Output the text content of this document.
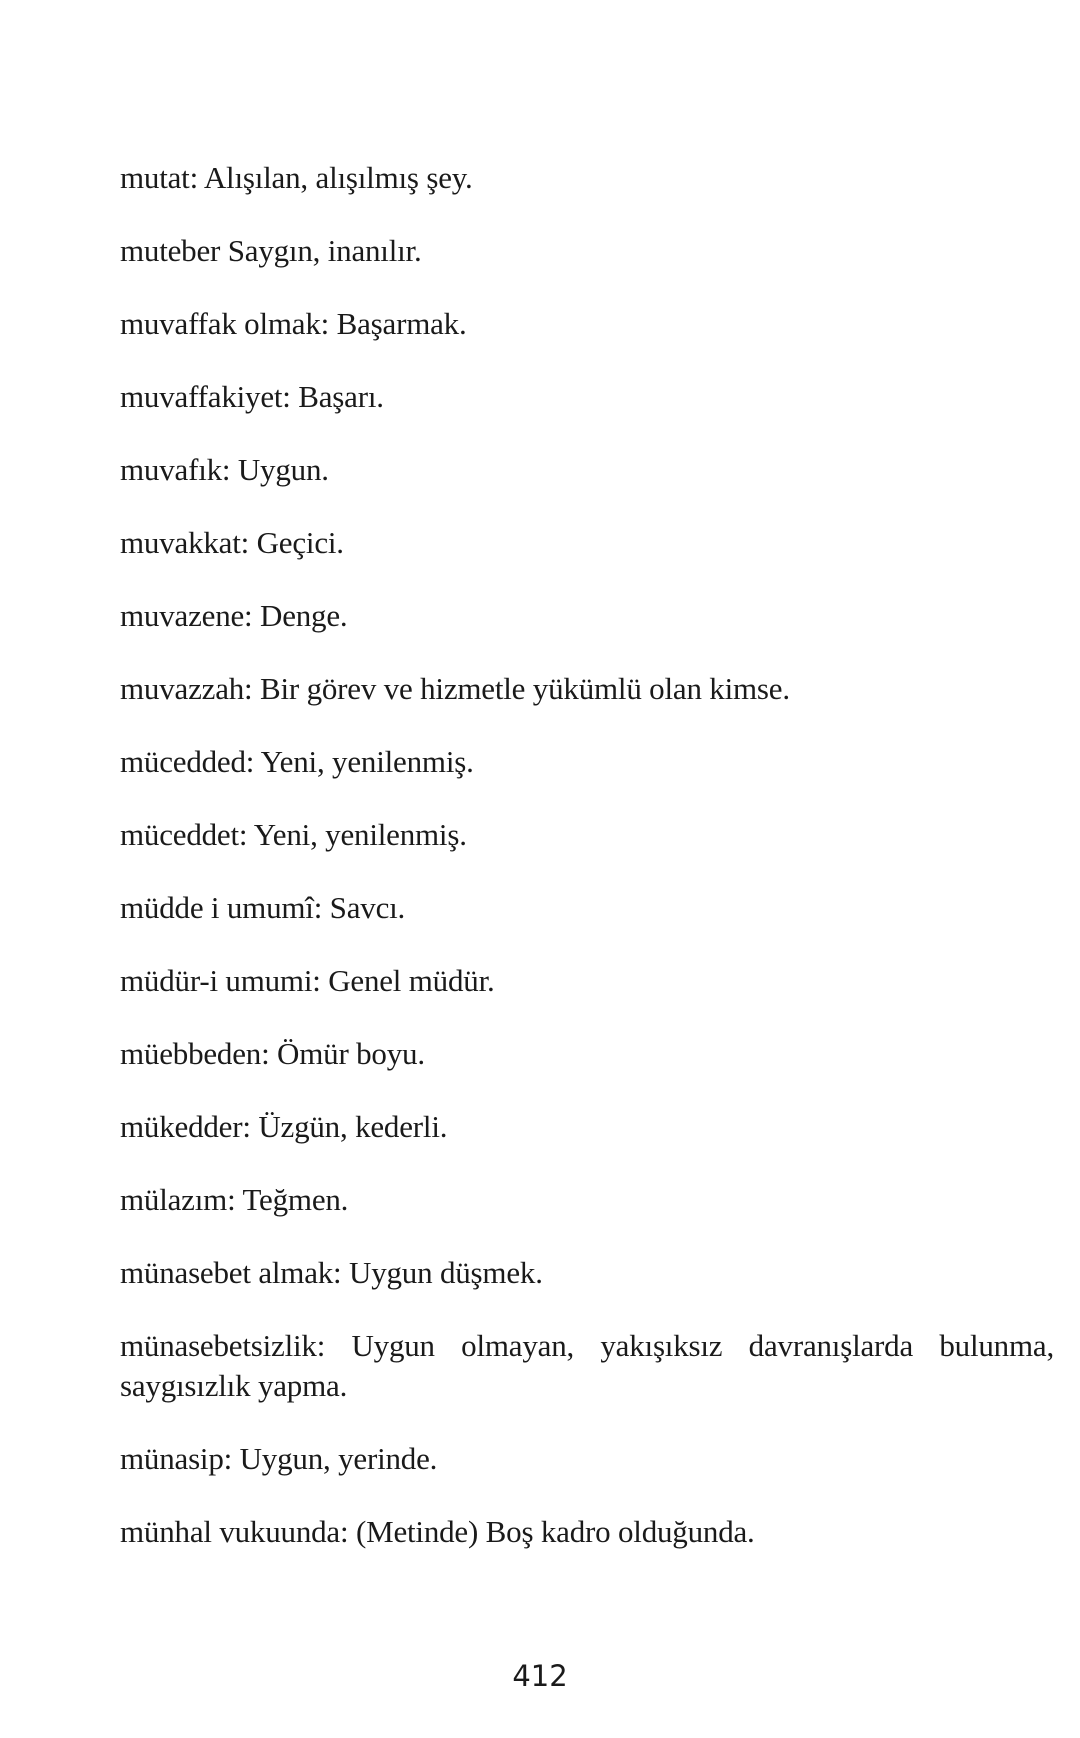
mutat: Alışılan, alışılmış şey.
muteber Saygın, inanılır.
muvaffak olmak: Başarmak.
muvaffakiyet: Başarı.
muvafık: Uygun.
muvakkat: Geçici.
muvazene: Denge.
muvazzah: Bir görev ve hizmetle yükümlü olan kimse.
mücedded: Yeni, yenilenmiş.
müceddet: Yeni, yenilenmiş.
müdde i umumî: Savcı.
müdür-i umumi: Genel müdür.
müebbeden: Ömür boyu.
mükedder: Üzgün, kederli.
mülazım: Teğmen.
münasebet almak: Uygun düşmek.
münasebetsizlik: Uygun olmayan, yakışıksız davranışlarda bulunma, saygısızlık yapma.
münasip: Uygun, yerinde.
münhal vukuunda: (Metinde) Boş kadro olduğunda.
412
